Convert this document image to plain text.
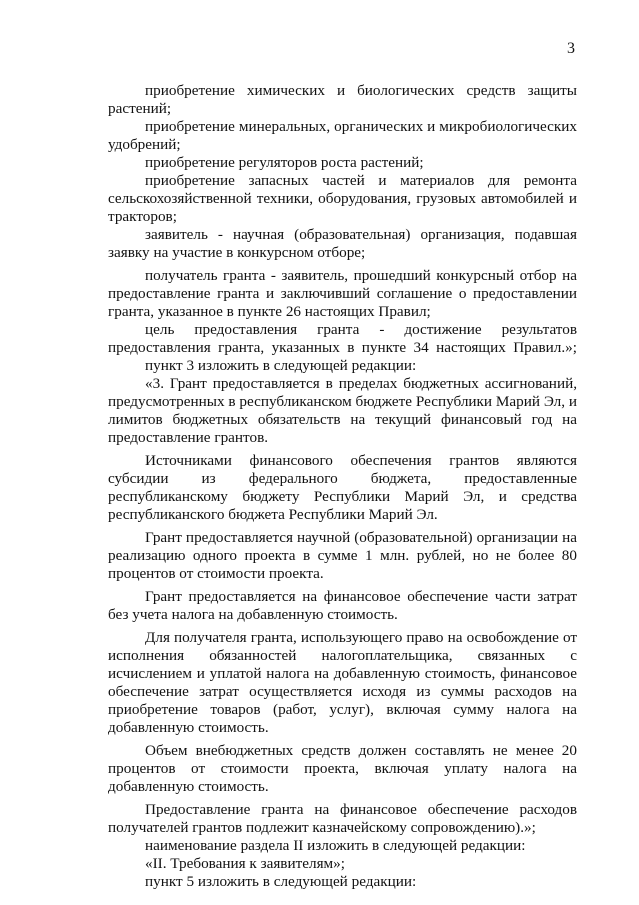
3

приобретение химических и биологических средств защиты растений;

приобретение минеральных, органических и микробиологических удобрений;

приобретение регуляторов роста растений;

приобретение запасных частей и материалов для ремонта сельскохозяйственной техники, оборудования, грузовых автомобилей и тракторов;

заявитель - научная (образовательная) организация, подавшая заявку на участие в конкурсном отборе;

получатель гранта - заявитель, прошедший конкурсный отбор на предоставление гранта и заключивший соглашение о предоставлении гранта, указанное в пункте 26 настоящих Правил;

цель предоставления гранта - достижение результатов предоставления гранта, указанных в пункте 34 настоящих Правил.»;

пункт 3 изложить в следующей редакции:

«3. Грант предоставляется в пределах бюджетных ассигнований, предусмотренных в республиканском бюджете Республики Марий Эл, и лимитов бюджетных обязательств на текущий финансовый год на предоставление грантов.

Источниками финансового обеспечения грантов являются субсидии из федерального бюджета, предоставленные республиканскому бюджету Республики Марий Эл, и средства республиканского бюджета Республики Марий Эл.

Грант предоставляется научной (образовательной) организации на реализацию одного проекта в сумме 1 млн. рублей, но не более 80 процентов от стоимости проекта.

Грант предоставляется на финансовое обеспечение части затрат без учета налога на добавленную стоимость.

Для получателя гранта, использующего право на освобождение от исполнения обязанностей налогоплательщика, связанных с исчислением и уплатой налога на добавленную стоимость, финансовое обеспечение затрат осуществляется исходя из суммы расходов на приобретение товаров (работ, услуг), включая сумму налога на добавленную стоимость.

Объем внебюджетных средств должен составлять не менее 20 процентов от стоимости проекта, включая уплату налога на добавленную стоимость.

Предоставление гранта на финансовое обеспечение расходов получателей грантов подлежит казначейскому сопровождению).»;

наименование раздела II изложить в следующей редакции:

«II. Требования к заявителям»;

пункт 5 изложить в следующей редакции:
